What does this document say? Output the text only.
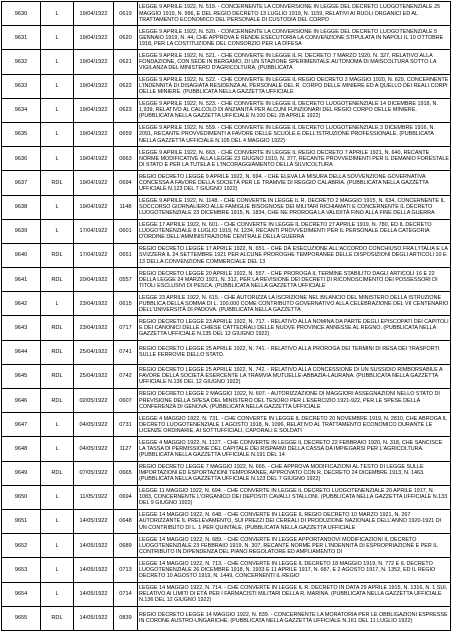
9630	L	19/04/1922	0619	LEGGE 9 APRILE 1922, N. 519. - CONCERNENTE LA CONVERSIONE IN LEGGE DEL DECRETO LUOGOTENENZIALE 25 MAGGIO 1919, N. 996, E DEL REGIO DECRETO 13 LUGLIO 1919, N. 1159, RELATIVI AI RUOLI ORGANICI ED AL TRATTAMENTO ECONOMICO DEL PERSONALE DI CUSTODIA DEL CORPO
9631	L	19/04/1922	0620	LEGGE 9 APRILE 1922, N. 520. - CONCERNENTE LA CONVERSIONE IN LEGGE DEL DECRETO LUOGOTENENZIALE 5 GENNAIO 1919, N. 44, CHE APPROVA E RENDE ESECUTORIA LA CONVENZIONE STIPULATA IN NAPOLI IL 10 OTTOBRE 1918, PER LA COSTITUZIONE DEL CONSORZIO PER LA DIFESA
9632	L	19/04/1922	0621	LEGGE 9 APRILE 1922, N. 521. - CHE CONVERTE IN LEGGE IL R. DECRETO 7 MARZO 1920, N. 327, RELATIVO ALLA FONDAZIONE, CON SEDE IN BERGAMO, DI UN STAZIONE SPERIMENTALE AUTONOMA DI MAISCOLTURA SOTTO LA VIGILANZA DEL MINISTERO D'AGRICOLTURA. (PUBBLICATA
9633	L	19/04/1922	0622	LEGGE 9 APRILE 1922, N. 522. - CHE CONVERTE IN LEGGE IL REGIO DECRETO 2 MAGGIO 1920, N. 629, CONCERNENTE L'INDENNITÀ DI DISAGIATA RESIDENZA AL PERSONALE DEL R. CORPO DELLE MINIERE ED A QUELLO DEI REALI CORPI DELLE MINIERE. (PUBBLICATA NELLA GAZZETTA UFFICIALE
9634	L	19/04/1922	0623	LEGGE 9 APRILE 1922, N. 523. - CHE CONVERTE IN LEGGE IL DECRETO LUOGOTENENZIALE 14 DICEMBRE 1918, N. 1,939, RELATIVO AL CALCOLO DI ANZIANITÀ PER ALCUNI FUNZIONARI DEL REGIO CORPO DELLE MINIERE. (PUBBLICATA NELLA GAZZETTA UFFICIALE N.100 DEL 28 APRILE 1922)
9635	L	19/04/1922	0659	LEGGE 9 APRILE 1922, N. 559. - CHE CONVERTE IN LEGGE IL DECRETO LUOGOTENENZIALE 3 DICEMBRE 1916, N. 2091, RECANTE PROVVEDIMENTI A FAVORE DELLE SCUOLE E DELL'ISTRUZIONE PROFESSIONALE. (PUBBLICATA NELLA GAZZETTA UFFICIALE N.105 DEL 4 MAGGIO 1922)
9636	L	19/04/1922	0663	LEGGE 9 APRILE 1922, N. 663. - CHE CONVERTE IN LEGGE IL REGIO DECRETO 7 APRILE 1921, N. 640, RECANTE NORME MODIFICATIVE ALLA LEGGE 23 GIUGNO 1910, N. 377, RECANTE PROVVEDIMENTI PER IL DEMANIO FORESTALE DI STATO E PER LA TUTELA E L'INCORAGGIAMENTO DELLA SILVICOLTURA
9637	RDL	19/04/1922	0694	REGIO DECRETO LEGGE 9 APRILE 1922, N. 694. - CHE ELEVA LA MISURA DELLA SOVVENZIONE GOVERNATIVA CONCESSA A FAVORE DELLA SOCIETÀ PER LE TRAMVIE DI REGGIO CALABRIA. (PUBBLICATA NELLA GAZZETTA UFFICIALE N.123 DEL 7 GIUGNO 1922)
9638	L	19/04/1922	1148	LEGGE 9 APRILE 1922, N. 1148. - CHE CONVERTE IN LEGGE IL R. DECRETO 2 MAGGIO 1915, N. 634, CONCERNENTE IL SOCCORSO GIORNALIERO ALLE FAMIGLIE BISOGNOSE DEI MILITARI RICHIAMATI E CONCERNENTE IL DECRETO LUOGOTENENZIALE 23 DICEMBRE 1915, N. 1834, CHE NE PROROGA LA VALIDITÀ FINO ALLA FINE DELLA GUERRA
9639	L	17/04/1922	0601	LEGGE 17 APRILE 1922, N. 601. - CHE CONVERTE IN LEGGE IL DECRETO 27 APRILE 1919, N. 780, ED IL DECRETO LUOGOTENENZIALE 8 LUGLIO 1919, N. 1234, RECANTI PROVVEDIMENTI PER IL PERSONALE DELLA CATEGORIA D'ORDINE DELL'AMMINISTRAZIONE CENTRALE DELLA GUERRA
9640	RDL	17/04/1922	0651	REGIO DECRETO LEGGE 17 APRILE 1922, N. 651. - CHE DÀ ESECUZIONE ALL'ACCORDO CONCHIUSO FRA L'ITALIA E LA SVIZZERA IL 24 SETTEMBRE 1921 PER ALCUNE PROROGHE TEMPORANEE DELLE DISPOSIZIONI DEGLI ARTICOLI 10 E 13 DELLA CONVENZIONE COMMERCIALE DEL 13
9641	RDL	20/04/1922	0557	REGIO DECRETO LEGGE 20 APRILE 1922, N. 557. - CHE PROROGA IL TERMINE STABILITO DAGLI ARTICOLI 16 E 22 DELLA LEGGE 24 MARZO 1921, N. 312, PER LA REVISIONE DEI DECRETI DI RICONOSCIMENTO DEI POSSESSORI DI TITOLI ESCLUSIVI DI PESCA. (PUBBLICATA NELLA GAZZETTA UFFICIALE
9642	L	23/04/1922	0615	LEGGE 23 APRILE 1922, N. 615. - CHE AUTORIZZA LA ISCRIZIONE NEL BILANCIO DEL MINISTERO DELLA ISTRUZIONE PUBBLICA DELLA SOMMA DI L. 100.000 COME CONTRIBUTO GOVERNATIVO ALLA CELEBRAZIONE DEL VII CENTENARIO DELL'UNIVERSITÀ DI PADOVA. (PUBBLICATA NELLA GAZZETTA
9643	RDL	23/04/1922	0717	REGIO DECRETO LEGGE 23 APRILE 1922, N. 717. - RELATIVO ALLA NOMINA DA PARTE DEGLI EPISCOPATI DEI CAPITOLI E DEI CANONICI DELLE CHIESE CATTEDRALI DELLE NUOVE PROVINCE ANNESSE AL REGNO. (PUBBLICATA NELLA GAZZETTA UFFICIALE N.135 DEL 13 GIUGNO 1922)
9644	RDL	25/04/1922	0741	REGIO DECRETO LEGGE 25 APRILE 1922, N. 741. - RELATIVO ALLA PROROGA DEI TERMINI DI RESA DEI TRASPORTI SULLE FERROVIE DELLO STATO.
9645	RDL	25/04/1922	0742	REGIO DECRETO LEGGE 25 APRILE 1922, N. 742. - RELATIVO ALLA CONCESSIONE DI UN SUSSIDIO RIMBORSABILE A FAVORE DELLA SOCIETÀ ESERCENTE LA TRAMVIA MUTUELLE-ABBAZIA-LAURANA. (PUBBLICATA NELLA GAZZETTA UFFICIALE N.136 DEL 12 GIUGNO 1922)
9646	RDL	02/05/1922	0607	REGIO DECRETO LEGGE 2 MAGGIO 1922, N. 607. - AUTORIZZAZIONE DI MAGGIORI ASSEGNAZIONI NELLO STATO DI PREVISIONE DELLA SPESA DEL MINISTERO DEL TESORO PER L'ESERCIZIO 1921-922, PER LE SPESE DELLA CONFERENZA DI GENOVA. (PUBBLICATA NELLA GAZZETTA UFFICIALE
9647	L	04/05/1922	0731	LEGGE 4 MAGGIO 1922, N. 731. - CHE CONVERTE IN LEGGE IL DECRETO 20 NOVEMBRE 1919, N. 2810, CHE ABROGA IL DECRETO LUOGOTENENZIALE 1 AGOSTO 1918, N. 1096, RELATIVO AL TRATTAMENTO ECONOMICO DURANTE LE LICENZE ORDINARIE, AI SOTTUFFICIALI, CAPORALI E SOLDATI
9648	L	04/05/1922	1127	LEGGE 4 MAGGIO 1922, N. 1127. - CHE CONVERTE IN LEGGE IL DECRETO 22 FEBBRAIO 1920, N. 318, CHE SANCISCE LA TASSA DI PERMISSIONE DEL CAPITALE DEI RISPARMI DELLA CASSA DA IMPIEGARSI PER L'AGRICOLTURA. (PUBBLICATA NELLA GAZZETTA UFFICIALE N.191 DEL 14
9649	RDL	07/05/1922	0665	REGIO DECRETO LEGGE 7 MAGGIO 1922, N. 665. - CHE APPROVA MODIFICAZIONI AL TESTO DI LEGGE SULLE IMPORTAZIONI ED ESPORTAZIONI TEMPORANEE, APPROVATO CON R. DECRETO 24 DICEMBRE 1913, N. 1463. (PUBBLICATA NELLA GAZZETTA UFFICIALE N.123 DEL 7 GIUGNO 1922)
9650	L	11/05/1922	0694	LEGGE 11 MAGGIO 1922, N. 694. - CHE CONVERTE IN LEGGE IL DECRETO LUOGOTENENZIALE 20 APRILE 1917, N. 1083, CONCERNENTE L'ORGANICO DEI DEPOSITI CAVALLI STALLONI. (PUBBLICATA NELLA GAZZETTA UFFICIALE N.133 DEL 9 GIUGNO 1922)
9651	L	14/05/1922	0648	LEGGE 14 MAGGIO 1922, N. 648. - CHE CONVERTE IN LEGGE IL REGIO DECRETO 10 MARZO 1921, N. 267 AUTORIZZANTE IL PRELEVAMENTO, SUI PREZZI DEI CEREALI DI PRODUZIONE NAZIONALE DELL'ANNO 1920-1921 DI UN CONTRIBUTO DI L. 1 PER QUINTALE. (PUBBLICATA NELLA GAZZETTA UFFICIALE
9652	L	14/05/1922	0689	LEGGE 14 MAGGIO 1922, N. 689. - CHE CONVERTE IN LEGGE APPORTANDOVI MODIFICAZIONI IL DECRETO LUOGOTENENZIALE 23 FEBBRAIO 1919, N. 307, RECANTE NORME PER L'INDENNITÀ DI ESPROPRIAZIONE E PER IL CONTRIBUTO IN DIPENDENZA DEL PIANO REGOLATORE ED AMPLIAMENTO DI
9653	L	14/05/1922	0713	LEGGE 14 MAGGIO 1922, N. 713. - CHE CONVERTE IN LEGGE IL DECRETO 18 MAGGIO 1919, N. 772 E IL DECRETO LUOGOTENENZIALE 26 DICEMBRE 1918, N. 1933 E 11 APRILE 1917, N. 687, E 2 AGOSTO 1917, N. 1352, ED IL REGIO DECRETO 10 AGOSTO 1919, N. 1449, CONCERNENTI IL REGIO
9654	L	14/05/1922	0714	LEGGE 14 MAGGIO 1922, N. 714. - CHE CONVERTE IN LEGGE IL R. DECRETO IN DATA 29 APRILE 1915, N. 1316, N. 1 SUI, RELATIVO AI LIMITI DI ETÀ PER I FARMACISTI MILITARI DELLA R. MARINA. (PUBBLICATA NELLA GAZZETTA UFFICIALE N.136 DEL 12 GIUGNO 1922)
9655	RDL	14/05/1922	0839	REGIO DECRETO LEGGE 14 MAGGIO 1922, N. 839. - CONCERNENTE LA MORATORIA PER LE OBBLIGAZIONI ESPRESSE IN CORONE AUSTRO-UNGARICHE. (PUBBLICATA NELLA GAZZETTA UFFICIALE N.161 DEL 11 LUGLIO 1922)
